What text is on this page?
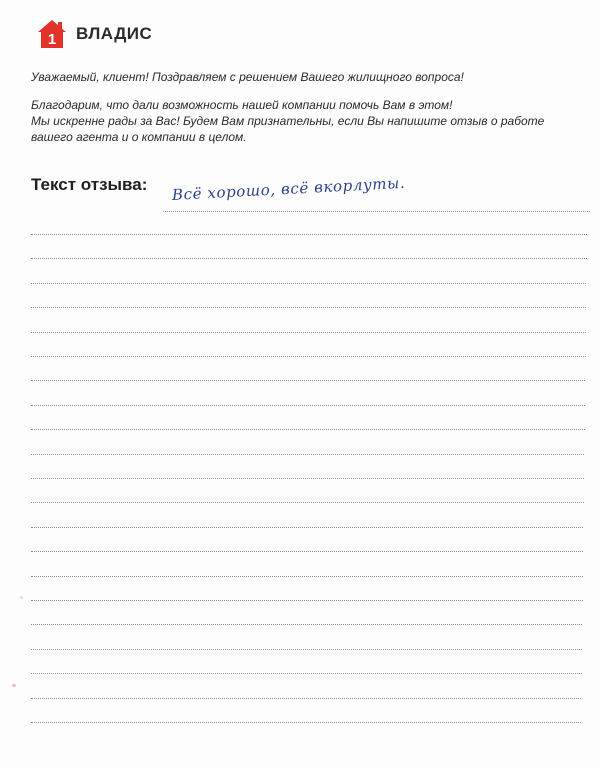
1 ВЛАДИС
Уважаемый, клиент! Поздравляем с решением Вашего жилищного вопроса!
Благодарим, что дали возможность нашей компании помочь Вам в этом!
Мы искренне рады за Вас! Будем Вам признательны, если Вы напишите отзыв о работе
вашего агента и о компании в целом.
Текст отзыва: Всё хорошо, всё вкорлуты.
